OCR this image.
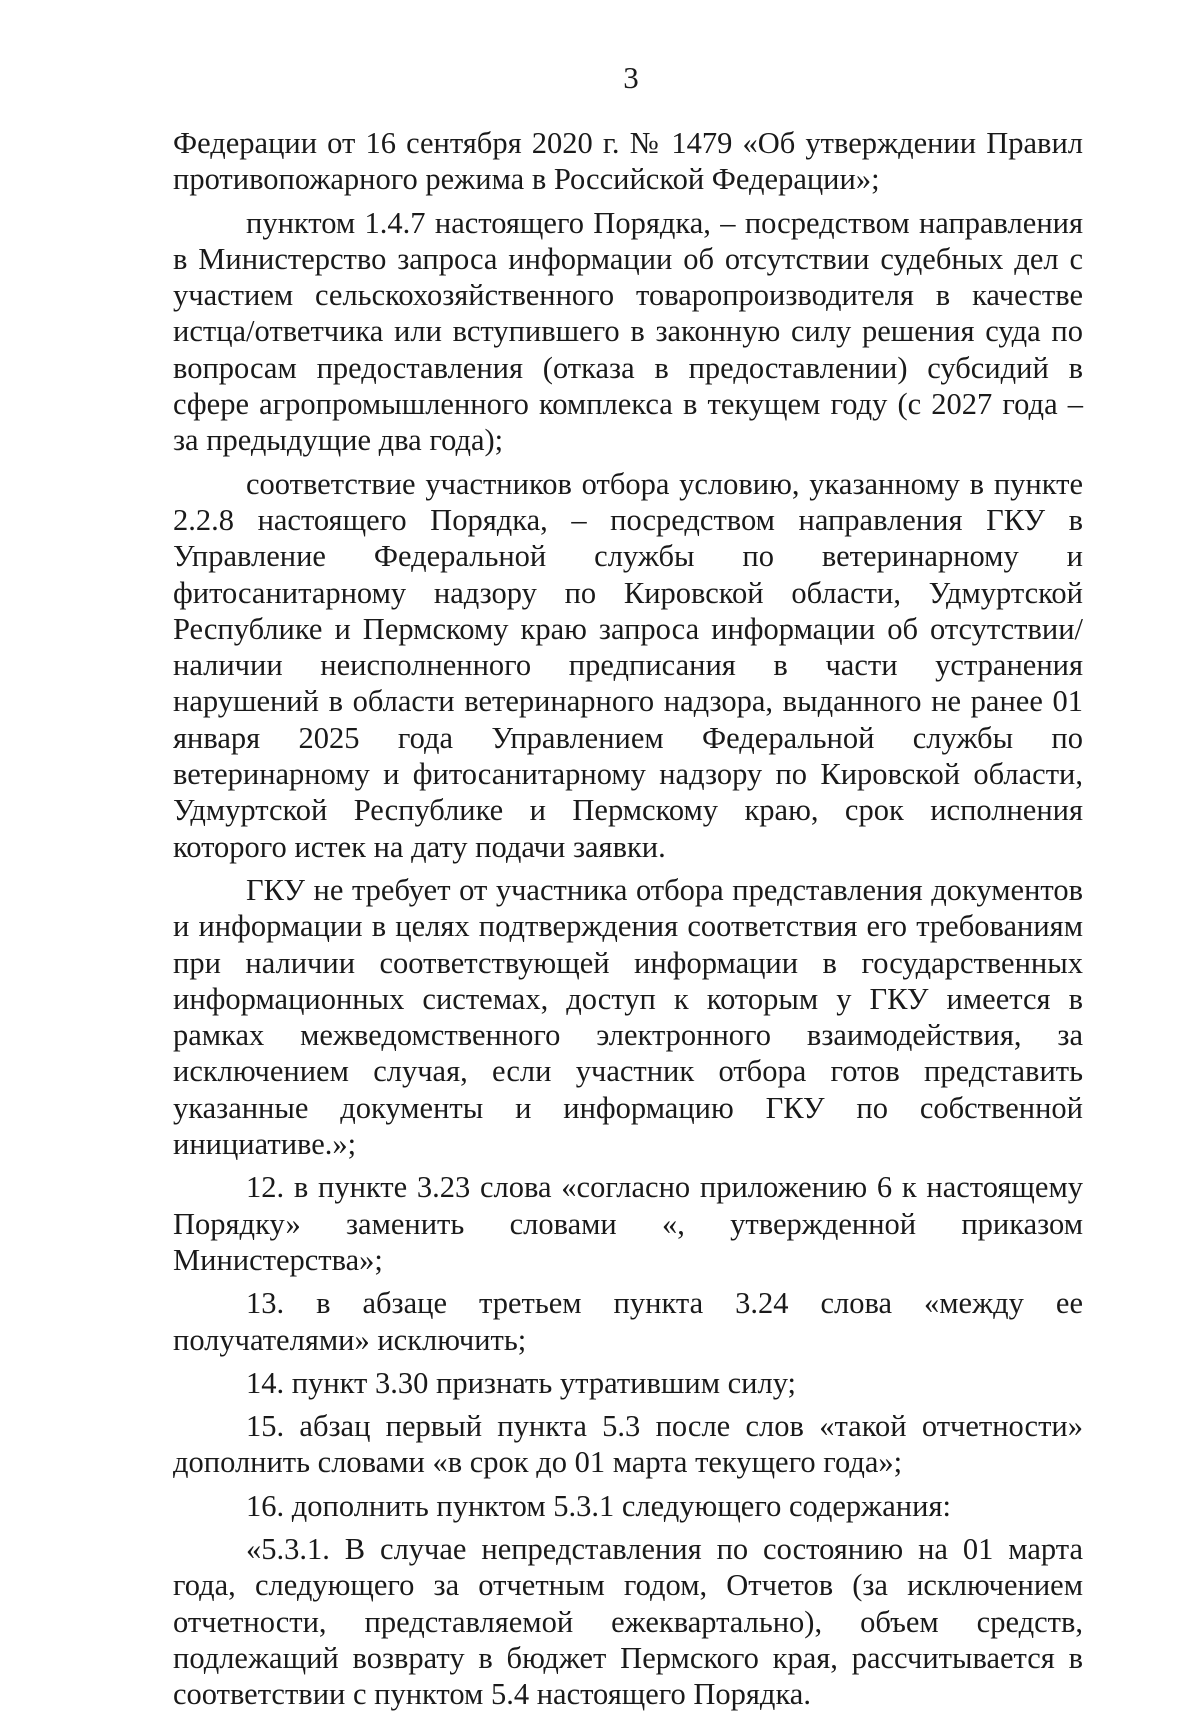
3

Федерации от 16 сентября 2020 г. № 1479 «Об утверждении Правил противопожарного режима в Российской Федерации»;

пунктом 1.4.7 настоящего Порядка, – посредством направления в Министерство запроса информации об отсутствии судебных дел с участием сельскохозяйственного товаропроизводителя в качестве истца/ответчика или вступившего в законную силу решения суда по вопросам предоставления (отказа в предоставлении) субсидий в сфере агропромышленного комплекса в текущем году (с 2027 года – за предыдущие два года);

соответствие участников отбора условию, указанному в пункте 2.2.8 настоящего Порядка, – посредством направления ГКУ в Управление Федеральной службы по ветеринарному и фитосанитарному надзору по Кировской области, Удмуртской Республике и Пермскому краю запроса информации об отсутствии/наличии неисполненного предписания в части устранения нарушений в области ветеринарного надзора, выданного не ранее 01 января 2025 года Управлением Федеральной службы по ветеринарному и фитосанитарному надзору по Кировской области, Удмуртской Республике и Пермскому краю, срок исполнения которого истек на дату подачи заявки.

ГКУ не требует от участника отбора представления документов и информации в целях подтверждения соответствия его требованиям при наличии соответствующей информации в государственных информационных системах, доступ к которым у ГКУ имеется в рамках межведомственного электронного взаимодействия, за исключением случая, если участник отбора готов представить указанные документы и информацию ГКУ по собственной инициативе.»;

12. в пункте 3.23 слова «согласно приложению 6 к настоящему Порядку» заменить словами «, утвержденной приказом Министерства»;

13. в абзаце третьем пункта 3.24 слова «между ее получателями» исключить;

14. пункт 3.30 признать утратившим силу;

15. абзац первый пункта 5.3 после слов «такой отчетности» дополнить словами «в срок до 01 марта текущего года»;

16. дополнить пунктом 5.3.1 следующего содержания:

«5.3.1. В случае непредставления по состоянию на 01 марта года, следующего за отчетным годом, Отчетов (за исключением отчетности, представляемой ежеквартально), объем средств, подлежащий возврату в бюджет Пермского края, рассчитывается в соответствии с пунктом 5.4 настоящего Порядка.
